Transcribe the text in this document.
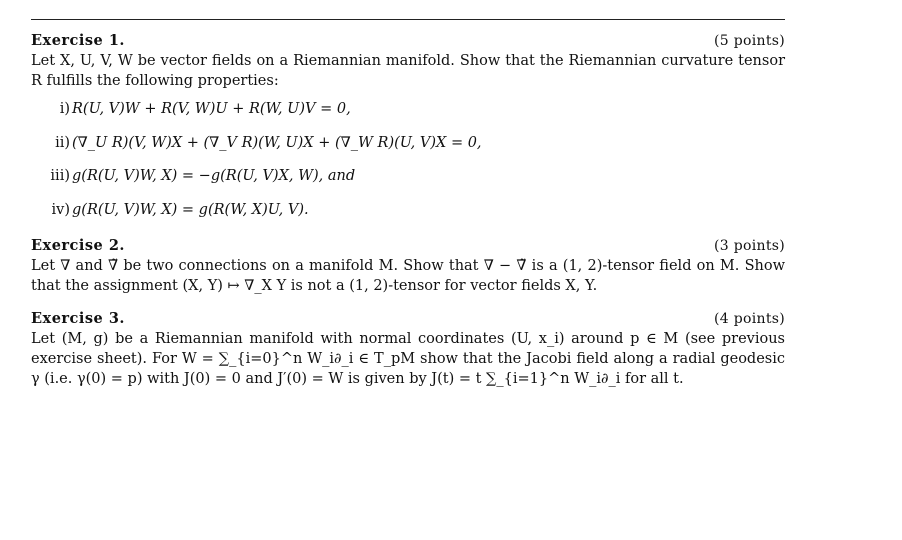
Exercise 1.	(5 points)

Let X, U, V, W be vector fields on a Riemannian manifold. Show that the Riemannian curvature tensor R fulfills the following properties:

i) R(U, V)W + R(V, W)U + R(W, U)V = 0,
ii) (∇_U R)(V, W)X + (∇_V R)(W, U)X + (∇_W R)(U, V)X = 0,
iii) g(R(U, V)W, X) = −g(R(U, V)X, W), and
iv) g(R(U, V)W, X) = g(R(W, X)U, V).
Exercise 2.	(3 points)

Let ∇ and ∇̃ be two connections on a manifold M. Show that ∇ − ∇̃ is a (1, 2)-tensor field on M. Show that the assignment (X, Y) ↦ ∇_X Y is not a (1, 2)-tensor for vector fields X, Y.

Exercise 3.	(4 points)

Let (M, g) be a Riemannian manifold with normal coordinates (U, x_i) around p ∈ M (see previous exercise sheet). For W = ∑_{i=0}^n W_i∂_i ∈ T_pM show that the Jacobi field along a radial geodesic γ (i.e. γ(0) = p) with J(0) = 0 and J′(0) = W is given by J(t) = t ∑_{i=1}^n W_i∂_i for all t.
